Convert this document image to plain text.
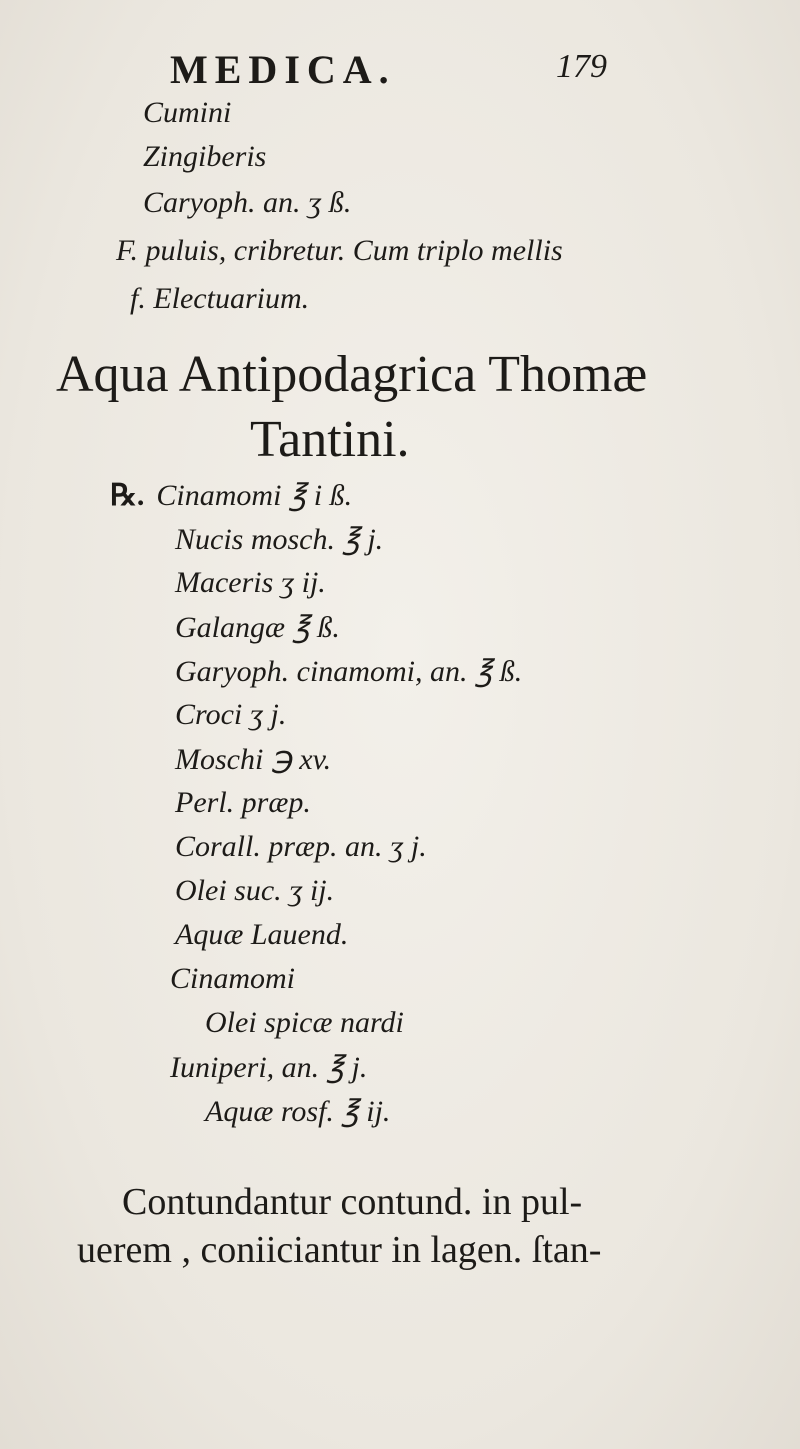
MEDICA.	179
Cumini
Zingiberis
Caryoph. an. ʒ ß.
F. puluis, cribretur. Cum triplo mellis
f. Electuarium.
Aqua Antipodagrica Thomæ
Tantini.
℞. Cinamomi ℥ i ß.
Nucis mosch. ℥ j.
Maceris ʒ ij.
Galangæ ℥ ß.
Garyoph. cinamomi, an. ℥ ß.
Croci ʒ j.
Moschi ℈ xv.
Perl. præp.
Corall. præp. an. ʒ j.
Olei suc. ʒ ij.
Aquæ Lauend.
Cinamomi
Olei spicæ nardi
Iuniperi, an. ℥ j.
Aquæ rosf. ℥ ij.
Contundantur contund. in pul-
uerem , coniiciantur in lagen. ſtan-
